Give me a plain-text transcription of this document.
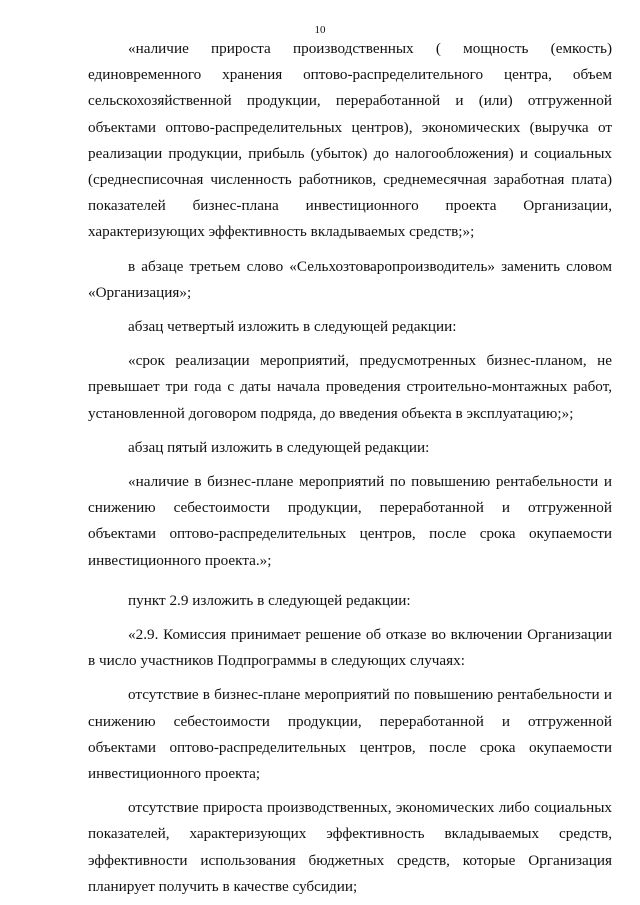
10

«наличие прироста производственных ( мощность (емкость) единовременного хранения оптово-распределительного центра, объем сельскохозяйственной продукции, переработанной и (или) отгруженной объектами оптово-распределительных центров), экономических (выручка от реализации продукции, прибыль (убыток) до налогообложения) и социальных (среднесписочная численность работников, среднемесячная заработная плата) показателей бизнес-плана инвестиционного проекта Организации, характеризующих эффективность вкладываемых средств;»;

в абзаце третьем слово «Сельхозтоваропроизводитель» заменить словом «Организация»;

абзац четвертый изложить в следующей редакции:

«срок реализации мероприятий, предусмотренных бизнес-планом, не превышает три года с даты начала проведения строительно-монтажных работ, установленной договором подряда, до введения объекта в эксплуатацию;»;

абзац пятый изложить в следующей редакции:

«наличие в бизнес-плане мероприятий по повышению рентабельности и снижению себестоимости продукции, переработанной и отгруженной объектами оптово-распределительных центров, после срока окупаемости инвестиционного проекта.»;

пункт 2.9 изложить в следующей редакции:

«2.9. Комиссия принимает решение об отказе во включении Организации в число участников Подпрограммы в следующих случаях:

отсутствие в бизнес-плане мероприятий по повышению рентабельности и снижению себестоимости продукции, переработанной и отгруженной объектами оптово-распределительных центров, после срока окупаемости инвестиционного проекта;

отсутствие прироста производственных, экономических либо социальных показателей, характеризующих эффективность вкладываемых средств, эффективности использования бюджетных средств, которые Организация планирует получить в качестве субсидии;
